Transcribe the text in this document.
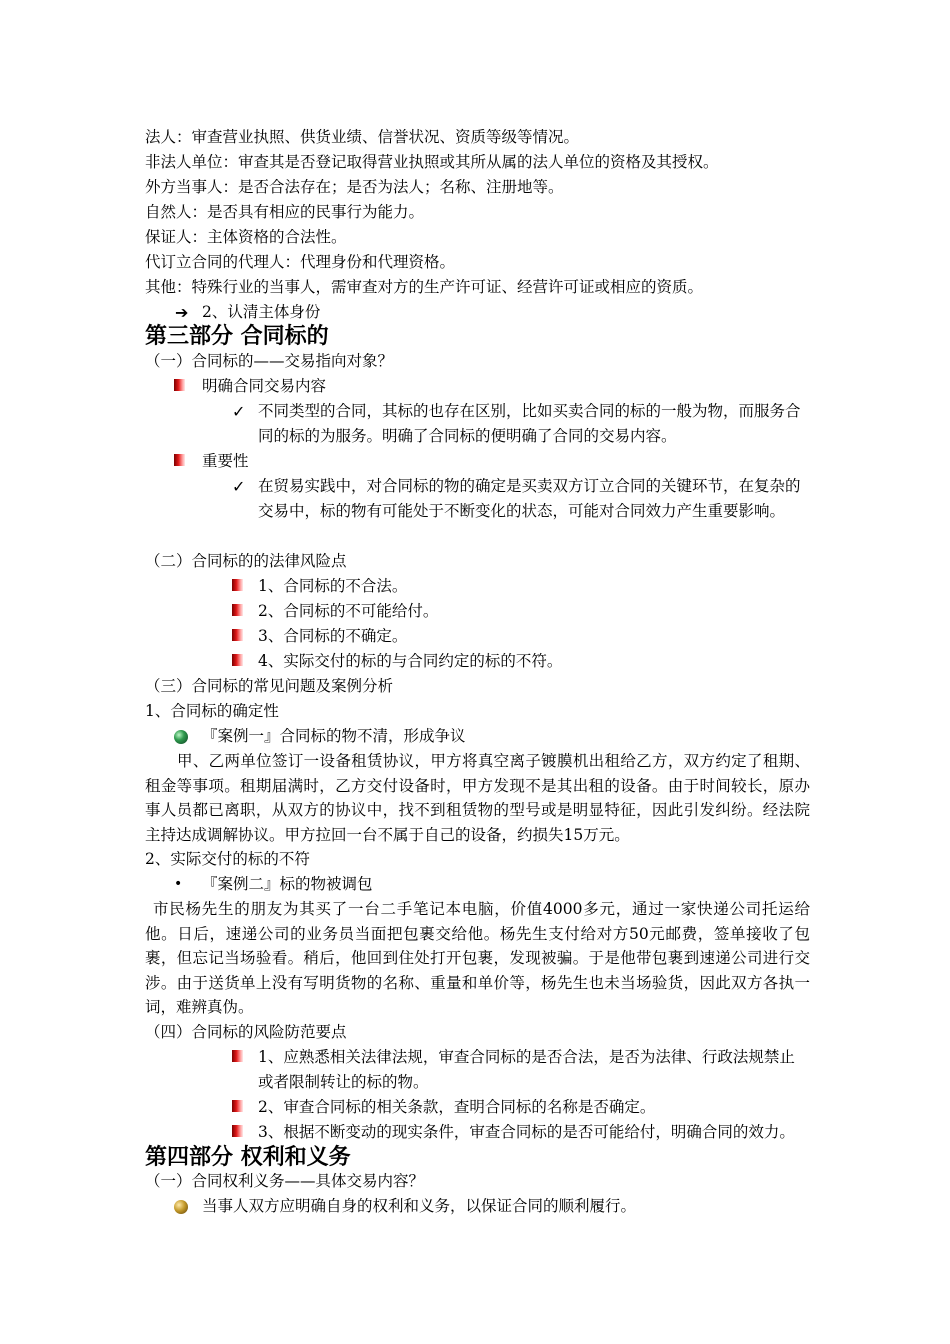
法人：审查营业执照、供货业绩、信誉状况、资质等级等情况。
非法人单位：审查其是否登记取得营业执照或其所从属的法人单位的资格及其授权。
外方当事人：是否合法存在；是否为法人；名称、注册地等。
自然人：是否具有相应的民事行为能力。
保证人：主体资格的合法性。
代订立合同的代理人：代理身份和代理资格。
其他：特殊行业的当事人，需审查对方的生产许可证、经营许可证或相应的资质。
➔ 2、认清主体身份
第三部分 合同标的
（一）合同标的——交易指向对象？
明确合同交易内容
✓ 不同类型的合同，其标的也存在区别，比如买卖合同的标的一般为物，而服务合同的标的为服务。明确了合同标的便明确了合同的交易内容。
重要性
✓ 在贸易实践中，对合同标的物的确定是买卖双方订立合同的关键环节，在复杂的交易中，标的物有可能处于不断变化的状态，可能对合同效力产生重要影响。
（二）合同标的的法律风险点
1、合同标的不合法。
2、合同标的不可能给付。
3、合同标的不确定。
4、实际交付的标的与合同约定的标的不符。
（三）合同标的常见问题及案例分析
1、合同标的确定性
『案例一』合同标的物不清，形成争议
甲、乙两单位签订一设备租赁协议，甲方将真空离子镀膜机出租给乙方，双方约定了租期、租金等事项。租期届满时，乙方交付设备时，甲方发现不是其出租的设备。由于时间较长，原办事人员都已离职，从双方的协议中，找不到租赁物的型号或是明显特征，因此引发纠纷。经法院主持达成调解协议。甲方拉回一台不属于自己的设备，约损失15万元。
2、实际交付的标的不符
• 『案例二』标的物被调包
市民杨先生的朋友为其买了一台二手笔记本电脑，价值4000多元，通过一家快递公司托运给他。日后，速递公司的业务员当面把包裹交给他。杨先生支付给对方50元邮费，签单接收了包裹，但忘记当场验看。稍后，他回到住处打开包裹，发现被骗。于是他带包裹到速递公司进行交涉。由于送货单上没有写明货物的名称、重量和单价等，杨先生也未当场验货，因此双方各执一词，难辨真伪。
（四）合同标的风险防范要点
1、应熟悉相关法律法规，审查合同标的是否合法，是否为法律、行政法规禁止或者限制转让的标的物。
2、审查合同标的相关条款，查明合同标的名称是否确定。
3、根据不断变动的现实条件，审查合同标的是否可能给付，明确合同的效力。
第四部分 权利和义务
（一）合同权利义务——具体交易内容？
当事人双方应明确自身的权利和义务，以保证合同的顺利履行。
